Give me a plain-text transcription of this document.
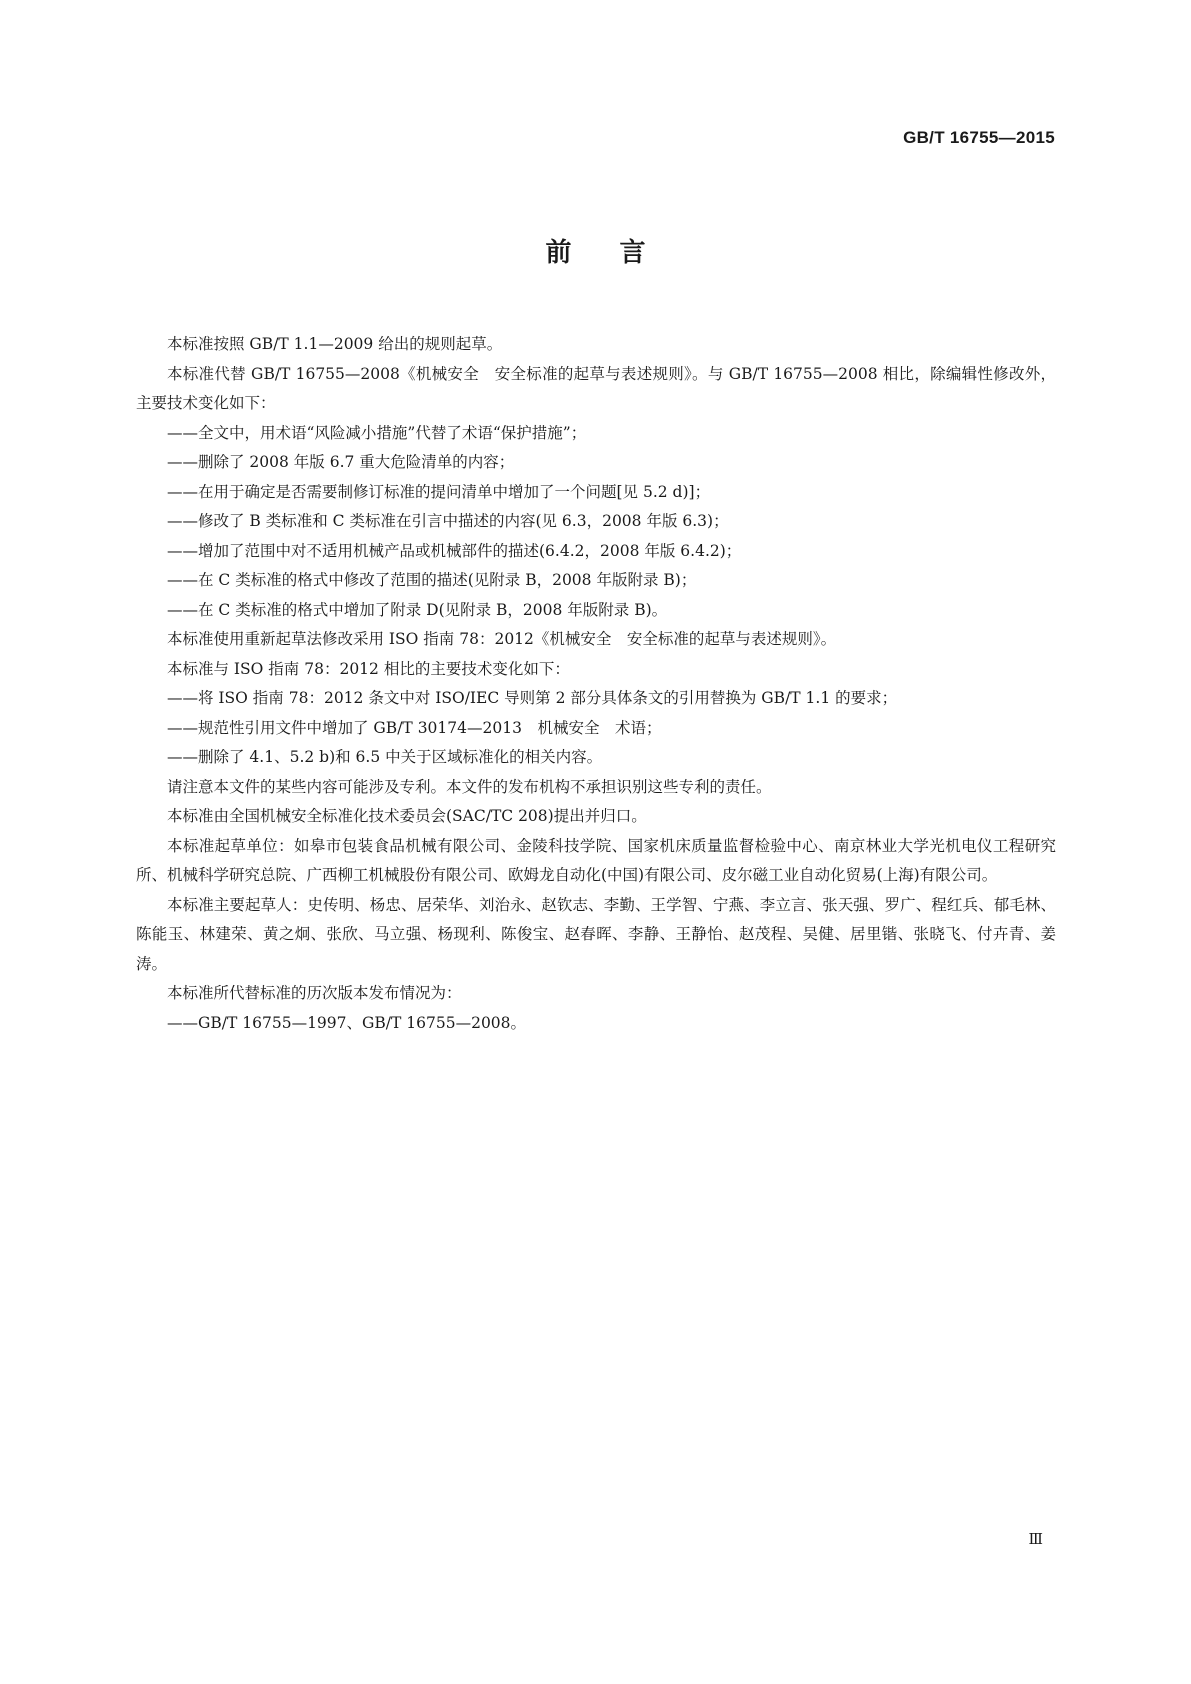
GB/T 16755—2015
前言

本标准按照 GB/T 1.1—2009 给出的规则起草。

本标准代替 GB/T 16755—2008《机械安全　安全标准的起草与表述规则》。与 GB/T 16755—2008 相比，除编辑性修改外，主要技术变化如下：

——全文中，用术语“风险减小措施”代替了术语“保护措施”；

——删除了 2008 年版 6.7 重大危险清单的内容；

——在用于确定是否需要制修订标准的提问清单中增加了一个问题[见 5.2 d)]；

——修改了 B 类标准和 C 类标准在引言中描述的内容(见 6.3，2008 年版 6.3)；

——增加了范围中对不适用机械产品或机械部件的描述(6.4.2，2008 年版 6.4.2)；

——在 C 类标准的格式中修改了范围的描述(见附录 B，2008 年版附录 B)；

——在 C 类标准的格式中增加了附录 D(见附录 B，2008 年版附录 B)。

本标准使用重新起草法修改采用 ISO 指南 78：2012《机械安全　安全标准的起草与表述规则》。

本标准与 ISO 指南 78：2012 相比的主要技术变化如下：

——将 ISO 指南 78：2012 条文中对 ISO/IEC 导则第 2 部分具体条文的引用替换为 GB/T 1.1 的要求；

——规范性引用文件中增加了 GB/T 30174—2013　机械安全　术语；

——删除了 4.1、5.2 b)和 6.5 中关于区域标准化的相关内容。

请注意本文件的某些内容可能涉及专利。本文件的发布机构不承担识别这些专利的责任。

本标准由全国机械安全标准化技术委员会(SAC/TC 208)提出并归口。

本标准起草单位：如皋市包装食品机械有限公司、金陵科技学院、国家机床质量监督检验中心、南京林业大学光机电仪工程研究所、机械科学研究总院、广西柳工机械股份有限公司、欧姆龙自动化(中国)有限公司、皮尔磁工业自动化贸易(上海)有限公司。

本标准主要起草人：史传明、杨忠、居荣华、刘治永、赵钦志、李勤、王学智、宁燕、李立言、张天强、罗广、程红兵、郁毛林、陈能玉、林建荣、黄之炯、张欣、马立强、杨现利、陈俊宝、赵春晖、李静、王静怡、赵茂程、吴健、居里锴、张晓飞、付卉青、姜涛。

本标准所代替标准的历次版本发布情况为：

——GB/T 16755—1997、GB/T 16755—2008。

Ⅲ
